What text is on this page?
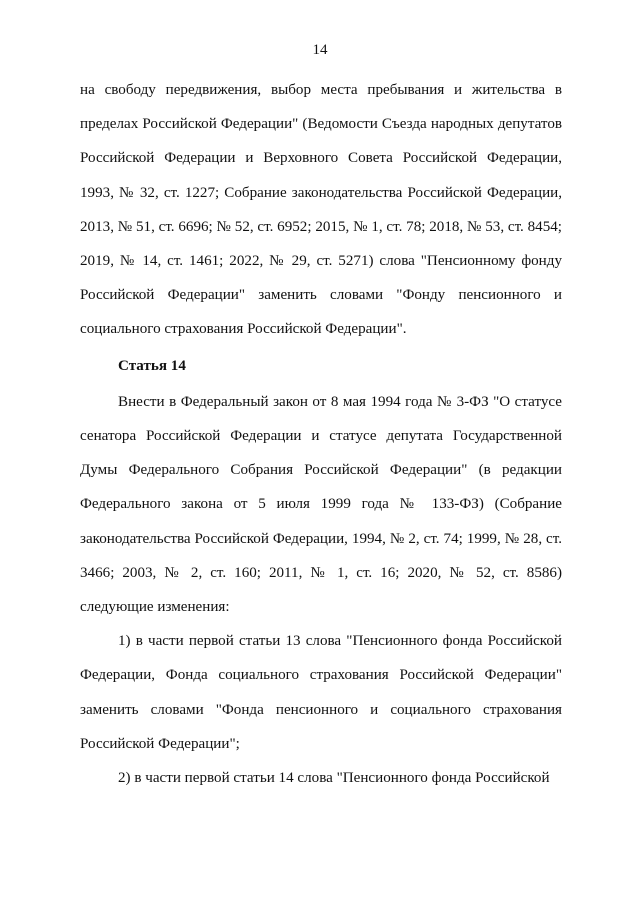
14

на свободу передвижения, выбор места пребывания и жительства в пределах Российской Федерации" (Ведомости Съезда народных депутатов Российской Федерации и Верховного Совета Российской Федерации, 1993, № 32, ст. 1227; Собрание законодательства Российской Федерации, 2013, № 51, ст. 6696; № 52, ст. 6952; 2015, № 1, ст. 78; 2018, № 53, ст. 8454; 2019, № 14, ст. 1461; 2022, № 29, ст. 5271) слова "Пенсионному фонду Российской Федерации" заменить словами "Фонду пенсионного и социального страхования Российской Федерации".

Статья 14

Внести в Федеральный закон от 8 мая 1994 года № 3-ФЗ "О статусе сенатора Российской Федерации и статусе депутата Государственной Думы Федерального Собрания Российской Федерации" (в редакции Федерального закона от 5 июля 1999 года № 133-ФЗ) (Собрание законодательства Российской Федерации, 1994, № 2, ст. 74; 1999, № 28, ст. 3466; 2003, № 2, ст. 160; 2011, № 1, ст. 16; 2020, № 52, ст. 8586) следующие изменения:

1) в части первой статьи 13 слова "Пенсионного фонда Российской Федерации, Фонда социального страхования Российской Федерации" заменить словами "Фонда пенсионного и социального страхования Российской Федерации";

2) в части первой статьи 14 слова "Пенсионного фонда Российской
